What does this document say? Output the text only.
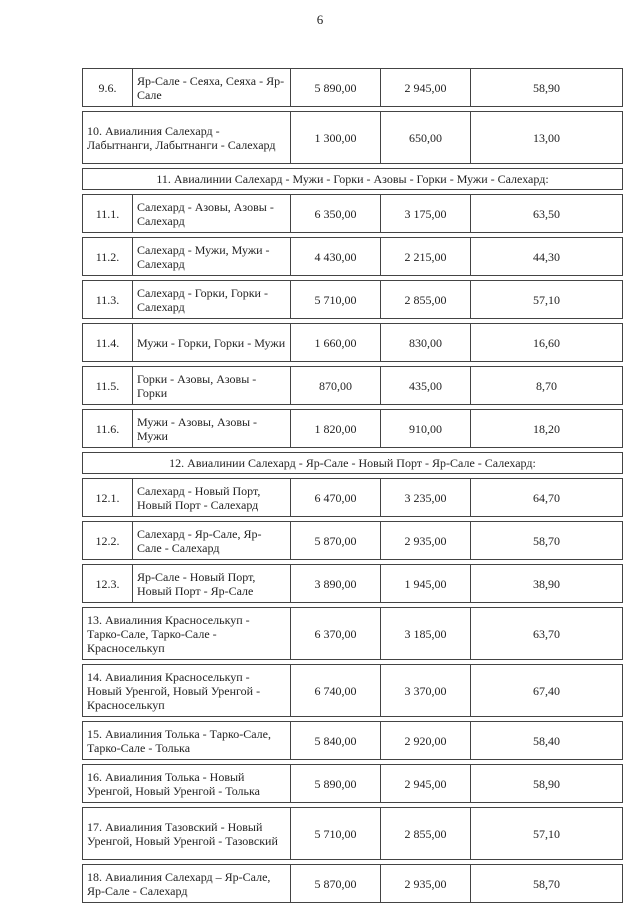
6
9.6.	Яр-Сале - Сеяха, Сеяха - Яр-Сале	5 890,00	2 945,00	58,90

10. Авиалиния Салехард - Лабытнанги, Лабытнанги - Салехард		1 300,00	650,00	13,00

11. Авиалинии Салехард - Мужи - Горки - Азовы - Горки - Мужи - Салехард:				

11.1.	Салехард - Азовы, Азовы - Салехард	6 350,00	3 175,00	63,50

11.2.	Салехард - Мужи, Мужи - Салехард	4 430,00	2 215,00	44,30

11.3.	Салехард - Горки, Горки - Салехард	5 710,00	2 855,00	57,10

11.4.	Мужи - Горки, Горки - Мужи	1 660,00	830,00	16,60

11.5.	Горки - Азовы, Азовы - Горки	870,00	435,00	8,70

11.6.	Мужи - Азовы, Азовы - Мужи	1 820,00	910,00	18,20

12. Авиалинии Салехард - Яр-Сале - Новый Порт - Яр-Сале - Салехард:				

12.1.	Салехард - Новый Порт, Новый Порт - Салехард	6 470,00	3 235,00	64,70

12.2.	Салехард - Яр-Сале, Яр-Сале - Салехард	5 870,00	2 935,00	58,70

12.3.	Яр-Сале - Новый Порт, Новый Порт - Яр-Сале	3 890,00	1 945,00	38,90

13. Авиалиния Красноселькуп - Тарко-Сале, Тарко-Сале - Красноселькуп		6 370,00	3 185,00	63,70

14. Авиалиния Красноселькуп - Новый Уренгой, Новый Уренгой - Красноселькуп		6 740,00	3 370,00	67,40

15. Авиалиния Толька - Тарко-Сале, Тарко-Сале - Толька		5 840,00	2 920,00	58,40

16. Авиалиния Толька - Новый Уренгой, Новый Уренгой - Толька		5 890,00	2 945,00	58,90

17. Авиалиния Тазовский - Новый Уренгой, Новый Уренгой - Тазовский		5 710,00	2 855,00	57,10

18. Авиалиния Салехард – Яр-Сале, Яр-Сале - Салехард		5 870,00	2 935,00	58,70
